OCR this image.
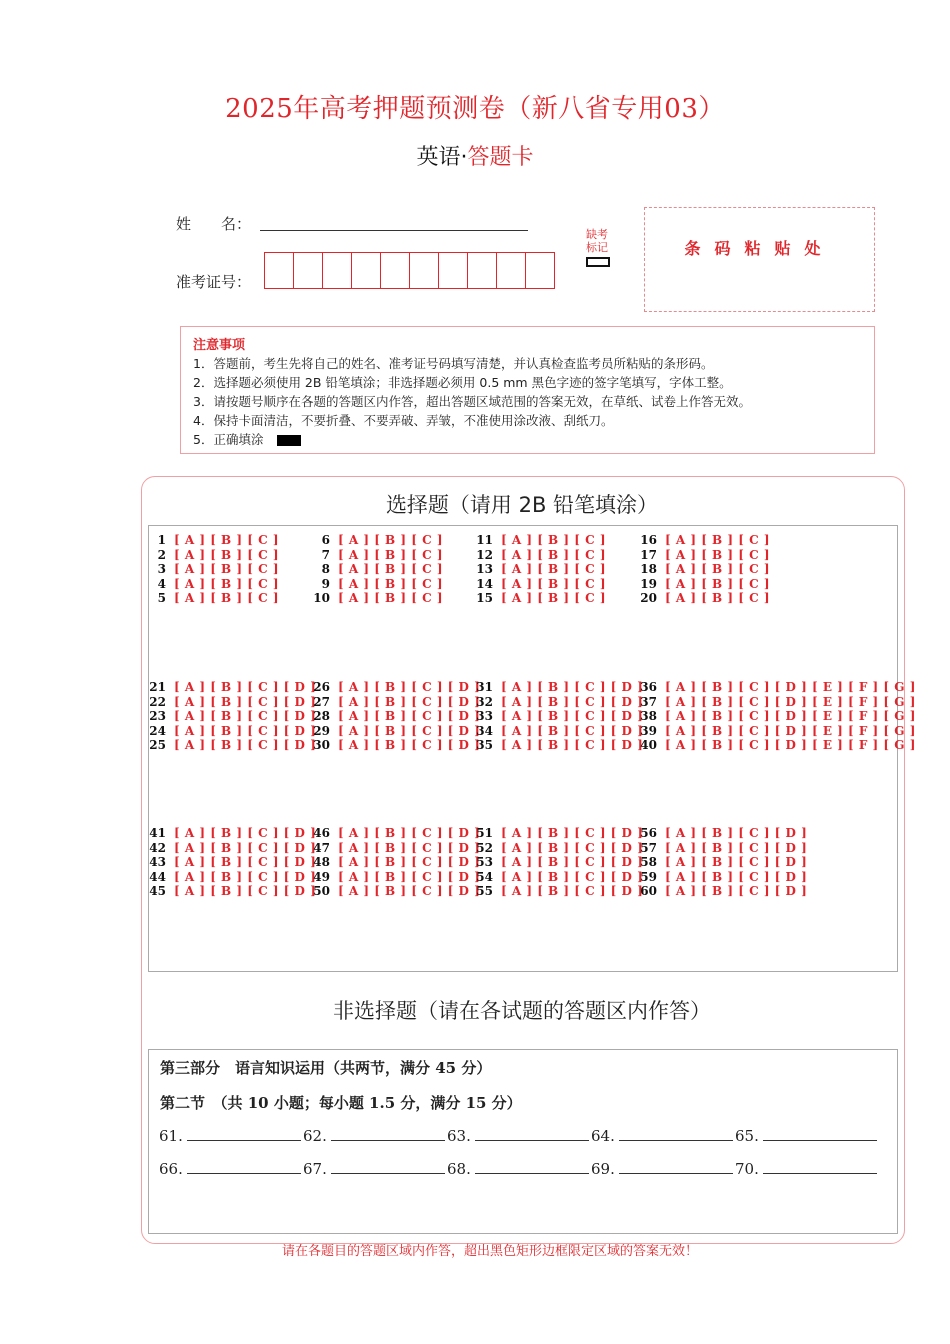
2025年高考押题预测卷（新八省专用03）
英语·答题卡
姓　　名：
准考证号：
缺考标记	条码粘贴处
注意事项
1．答题前，考生先将自己的姓名、准考证号码填写清楚，并认真检查监考员所粘贴的条形码。
2．选择题必须使用 2B 铅笔填涂；非选择题必须用 0.5 mm 黑色字迹的签字笔填写，字体工整。
3．请按题号顺序在各题的答题区内作答，超出答题区域范围的答案无效，在草纸、试卷上作答无效。
4．保持卡面清洁，不要折叠、不要弄破、弄皱，不准使用涂改液、刮纸刀。
5．正确填涂
选择题（请用 2B 铅笔填涂）
1 [ A ] [ B ] [ C ]
2 [ A ] [ B ] [ C ]
3 [ A ] [ B ] [ C ]
4 [ A ] [ B ] [ C ]
5 [ A ] [ B ] [ C ]
6 [ A ] [ B ] [ C ]
7 [ A ] [ B ] [ C ]
8 [ A ] [ B ] [ C ]
9 [ A ] [ B ] [ C ]
10 [ A ] [ B ] [ C ]
11 [ A ] [ B ] [ C ]
12 [ A ] [ B ] [ C ]
13 [ A ] [ B ] [ C ]
14 [ A ] [ B ] [ C ]
15 [ A ] [ B ] [ C ]
16 [ A ] [ B ] [ C ]
17 [ A ] [ B ] [ C ]
18 [ A ] [ B ] [ C ]
19 [ A ] [ B ] [ C ]
20 [ A ] [ B ] [ C ]
21 [ A ] [ B ] [ C ] [ D ]
22 [ A ] [ B ] [ C ] [ D ]
23 [ A ] [ B ] [ C ] [ D ]
24 [ A ] [ B ] [ C ] [ D ]
25 [ A ] [ B ] [ C ] [ D ]
26 [ A ] [ B ] [ C ] [ D ]
27 [ A ] [ B ] [ C ] [ D ]
28 [ A ] [ B ] [ C ] [ D ]
29 [ A ] [ B ] [ C ] [ D ]
30 [ A ] [ B ] [ C ] [ D ]
31 [ A ] [ B ] [ C ] [ D ]
32 [ A ] [ B ] [ C ] [ D ]
33 [ A ] [ B ] [ C ] [ D ]
34 [ A ] [ B ] [ C ] [ D ]
35 [ A ] [ B ] [ C ] [ D ]
36 [ A ] [ B ] [ C ] [ D ] [ E ] [ F ] [ G ]
37 [ A ] [ B ] [ C ] [ D ] [ E ] [ F ] [ G ]
38 [ A ] [ B ] [ C ] [ D ] [ E ] [ F ] [ G ]
39 [ A ] [ B ] [ C ] [ D ] [ E ] [ F ] [ G ]
40 [ A ] [ B ] [ C ] [ D ] [ E ] [ F ] [ G ]
41 [ A ] [ B ] [ C ] [ D ]
42 [ A ] [ B ] [ C ] [ D ]
43 [ A ] [ B ] [ C ] [ D ]
44 [ A ] [ B ] [ C ] [ D ]
45 [ A ] [ B ] [ C ] [ D ]
46 [ A ] [ B ] [ C ] [ D ]
47 [ A ] [ B ] [ C ] [ D ]
48 [ A ] [ B ] [ C ] [ D ]
49 [ A ] [ B ] [ C ] [ D ]
50 [ A ] [ B ] [ C ] [ D ]
51 [ A ] [ B ] [ C ] [ D ]
52 [ A ] [ B ] [ C ] [ D ]
53 [ A ] [ B ] [ C ] [ D ]
54 [ A ] [ B ] [ C ] [ D ]
55 [ A ] [ B ] [ C ] [ D ]
56 [ A ] [ B ] [ C ] [ D ]
57 [ A ] [ B ] [ C ] [ D ]
58 [ A ] [ B ] [ C ] [ D ]
59 [ A ] [ B ] [ C ] [ D ]
60 [ A ] [ B ] [ C ] [ D ]
非选择题（请在各试题的答题区内作答）
第三部分　语言知识运用（共两节，满分 45 分）
第二节　（共 10 小题；每小题 1.5 分，满分 15 分）
61.	62.	63.	64.	65.
66.	67.	68.	69.	70.
请在各题目的答题区域内作答，超出黑色矩形边框限定区域的答案无效！
